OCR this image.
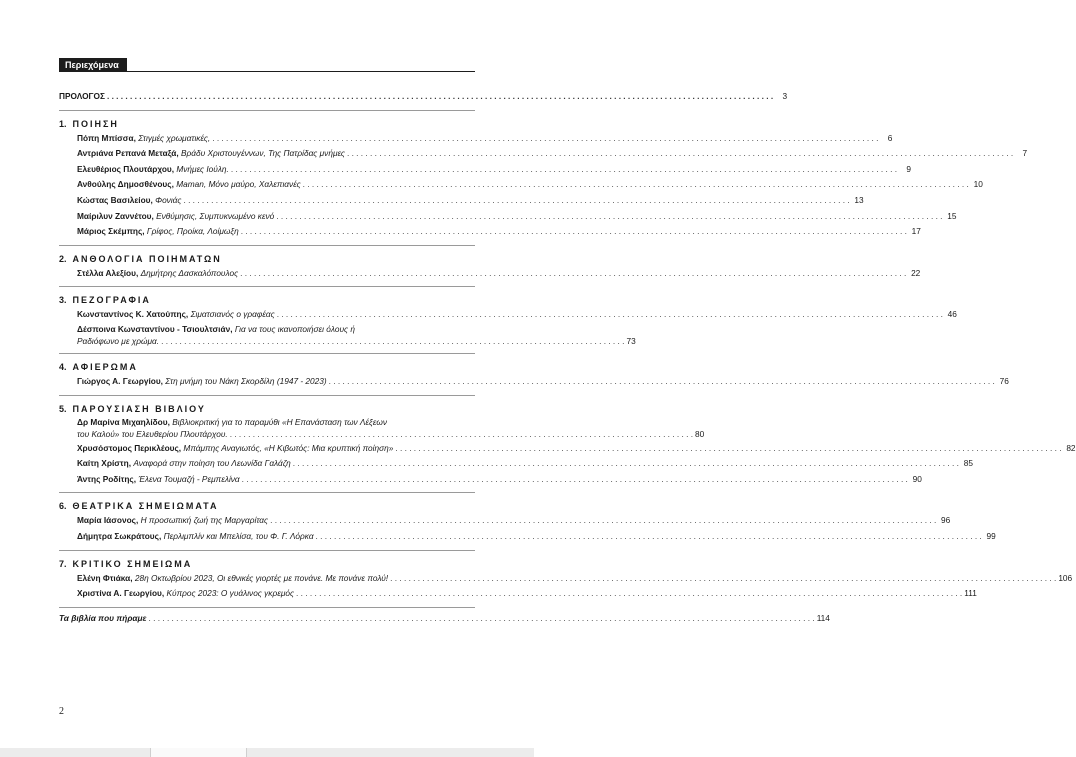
Περιεχόμενα
ΠΡΟΛΟΓΟΣ . . .	3
1. ΠΟΙΗΣΗ
Πόπη Μπίσσα, Στιγμές χρωματικές, . . .	6
Αντριάνα Ρεπανά Μεταξά, Βράδυ Χριστουγέννων, Της Πατρίδας μνήμες . . .	7
Ελευθέριος Πλουτάρχου, Μνήμες Ιούλη. . . .	9
Ανθούλης Δημοσθένους, Maman, Μόνο μαύρο, Χαλεπιανές . . .	10
Κώστας Βασιλείου, Φονιάς . . .	13
Μαίριλυν Ζαννέτου, Ενθύμησις, Συμπυκνωμένο κενό . . .	15
Μάριος Σκέμπης, Γρίφος, Προίκα, Λοίμωξη . . .	17
2. ΑΝΘΟΛΟΓΙΑ ΠΟΙΗΜΑΤΩΝ
Στέλλα Αλεξίου, Δημήτρης Δασκαλόπουλος . . .	22
3. ΠΕΖΟΓΡΑΦΙΑ
Κωνσταντίνος Κ. Χατούπης, Σιματσιανός ο γραφέας . . .	46
Δέσποινα Κωνσταντίνου - Τσιουλτσιάν, Για να τους ικανοποιήσει όλους ή
Ραδιόφωνο με χρώμα. . . .	73
4. ΑΦΙΕΡΩΜΑ
Γιώργος Α. Γεωργίου, Στη μνήμη του Νάκη Σκορδίλη (1947 - 2023) . . .	76
5. ΠΑΡΟΥΣΙΑΣΗ ΒΙΒΛΙΟΥ
Δρ Μαρίνα Μιχαηλίδου, Βιβλιοκριτική για το παραμύθι «Η Επανάσταση των Λέξεων
του Καλού» του Ελευθερίου Πλουτάρχου. . . .	80
Χρυσόστομος Περικλέους, Μπάμπης Αναγιωτός, «Η Κιβωτός: Μια κρυπτική ποίηση» . . .	82
Καίτη Χρίστη, Αναφορά στην ποίηση του Λεωνίδα Γαλάζη . . .	85
Άντης Ροδίτης, Έλενα Τουμαζή - Ρεμπελίνα . . .	90
6. ΘΕΑΤΡΙΚΑ ΣΗΜΕΙΩΜΑΤΑ
Μαρία Ιάσονος, Η προσωπική ζωή της Μαργαρίτας . . .	96
Δήμητρα Σωκράτους, Περλιμπλίν και Μπελίσα, του Φ. Γ. Λόρκα . . .	99
7. ΚΡΙΤΙΚΟ ΣΗΜΕΙΩΜΑ
Ελένη Φτιάκα, 28η Οκτωβρίου 2023, Οι εθνικές γιορτές με πονάνε. Με πονάνε πολύ! . . .	106
Χριστίνα Α. Γεωργίου, Κύπρος 2023: Ο γυάλινος γκρεμός . . .	111
Τα βιβλία που πήραμε . . .	114
2
